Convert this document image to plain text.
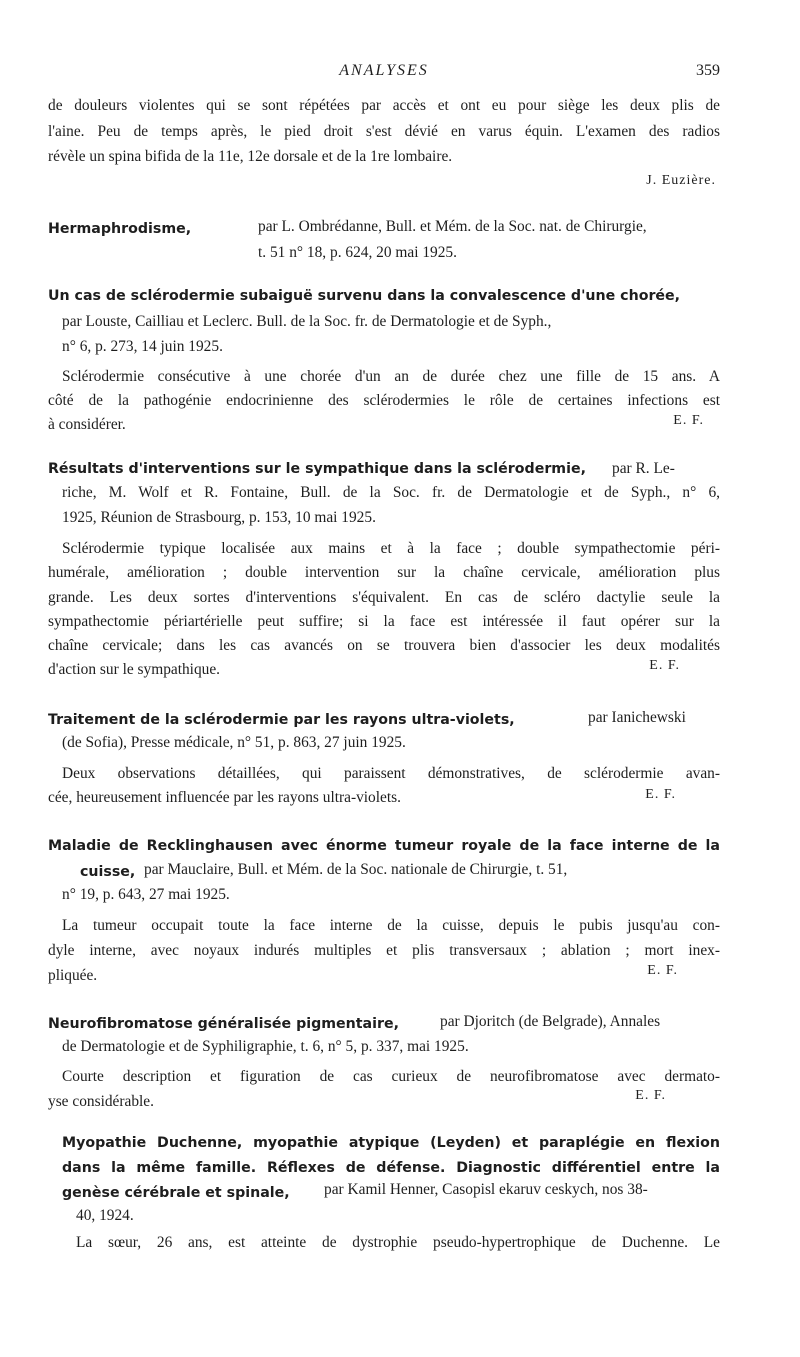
ANALYSES	359
de douleurs violentes qui se sont répétées par accès et ont eu pour siège les deux plis de
l'aine. Peu de temps après, le pied droit s'est dévié en varus équin. L'examen des radios
révèle un spina bifida de la 11e, 12e dorsale et de la 1re lombaire.
J. Euzière.
Hermaphrodisme,	par L. Ombrédanne, Bull. et Mém. de la Soc. nat. de Chirurgie,
t. 51 n° 18, p. 624, 20 mai 1925.
Un cas de sclérodermie subaiguë survenu dans la convalescence d'une chorée,
par Louste, Cailliau et Leclerc. Bull. de la Soc. fr. de Dermatologie et de Syph.,
n° 6, p. 273, 14 juin 1925.
Sclérodermie consécutive à une chorée d'un an de durée chez une fille de 15 ans. A
côté de la pathogénie endocrinienne des sclérodermies le rôle de certaines infections est
à considérer.	E. F.
Résultats d'interventions sur le sympathique dans la sclérodermie, par R. Le-
riche, M. Wolf et R. Fontaine, Bull. de la Soc. fr. de Dermatologie et de Syph., n° 6,
1925, Réunion de Strasbourg, p. 153, 10 mai 1925.
Sclérodermie typique localisée aux mains et à la face ; double sympathectomie péri-
humérale, amélioration ; double intervention sur la chaîne cervicale, amélioration plus
grande. Les deux sortes d'interventions s'équivalent. En cas de scléro dactylie seule la
sympathectomie périartérielle peut suffire; si la face est intéressée il faut opérer sur la
chaîne cervicale; dans les cas avancés on se trouvera bien d'associer les deux modalités
d'action sur le sympathique.	E. F.
Traitement de la sclérodermie par les rayons ultra-violets,	par Ianichewski
(de Sofia), Presse médicale, n° 51, p. 863, 27 juin 1925.
Deux observations détaillées, qui paraissent démonstratives, de sclérodermie avan-
cée, heureusement influencée par les rayons ultra-violets.	E. F.
Maladie de Recklinghausen avec énorme tumeur royale de la face interne de la
cuisse, par Mauclaire, Bull. et Mém. de la Soc. nationale de Chirurgie, t. 51,
n° 19, p. 643, 27 mai 1925.
La tumeur occupait toute la face interne de la cuisse, depuis le pubis jusqu'au con-
dyle interne, avec noyaux indurés multiples et plis transversaux ; ablation ; mort inex-
pliquée.	E. F.
Neurofibromatose généralisée pigmentaire,	par Djoritch (de Belgrade), Annales
de Dermatologie et de Syphiligraphie, t. 6, n° 5, p. 337, mai 1925.
Courte description et figuration de cas curieux de neurofibromatose avec dermato-
yse considérable.	E. F.
Myopathie Duchenne, myopathie atypique (Leyden) et paraplégie en flexion
dans la même famille. Réflexes de défense. Diagnostic différentiel entre la
genèse cérébrale et spinale, par Kamil Henner, Casopisl ekaruv ceskych, nos 38-
40, 1924.
La sœur, 26 ans, est atteinte de dystrophie pseudo-hypertrophique de Duchenne. Le
